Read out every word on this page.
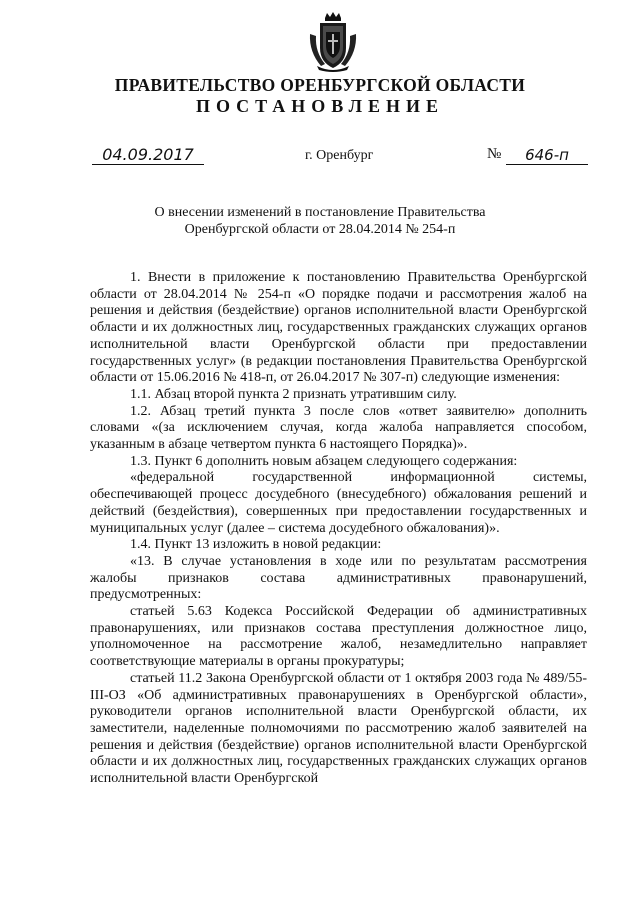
ПРАВИТЕЛЬСТВО ОРЕНБУРГСКОЙ ОБЛАСТИ
ПОСТАНОВЛЕНИЕ
04.09.2017	г. Оренбург	№	646-п
О внесении изменений в постановление Правительства
Оренбургской области от 28.04.2014 № 254-п

1. Внести в приложение к постановлению Правительства Оренбургской области от 28.04.2014 № 254-п «О порядке подачи и рассмотрения жалоб на решения и действия (бездействие) органов исполнительной власти Оренбургской области и их должностных лиц, государственных гражданских служащих органов исполнительной власти Оренбургской области при предоставлении государственных услуг» (в редакции постановления Правительства Оренбургской области от 15.06.2016 № 418-п, от 26.04.2017 № 307-п) следующие изменения:

1.1. Абзац второй пункта 2 признать утратившим силу.

1.2. Абзац третий пункта 3 после слов «ответ заявителю» дополнить словами «(за исключением случая, когда жалоба направляется способом, указанным в абзаце четвертом пункта 6 настоящего Порядка)».

1.3. Пункт 6 дополнить новым абзацем следующего содержания:

«федеральной государственной информационной системы, обеспечивающей процесс досудебного (внесудебного) обжалования решений и действий (бездействия), совершенных при предоставлении государственных и муниципальных услуг (далее – система досудебного обжалования)».

1.4. Пункт 13 изложить в новой редакции:

«13. В случае установления в ходе или по результатам рассмотрения жалобы признаков состава административных правонарушений, предусмотренных:

статьей 5.63 Кодекса Российской Федерации об административных правонарушениях, или признаков состава преступления должностное лицо, уполномоченное на рассмотрение жалоб, незамедлительно направляет соответствующие материалы в органы прокуратуры;

статьей 11.2 Закона Оренбургской области от 1 октября 2003 года № 489/55-III-ОЗ «Об административных правонарушениях в Оренбургской области», руководители органов исполнительной власти Оренбургской области, их заместители, наделенные полномочиями по рассмотрению жалоб заявителей на решения и действия (бездействие) органов исполнительной власти Оренбургской области и их должностных лиц, государственных гражданских служащих органов исполнительной власти Оренбургской
